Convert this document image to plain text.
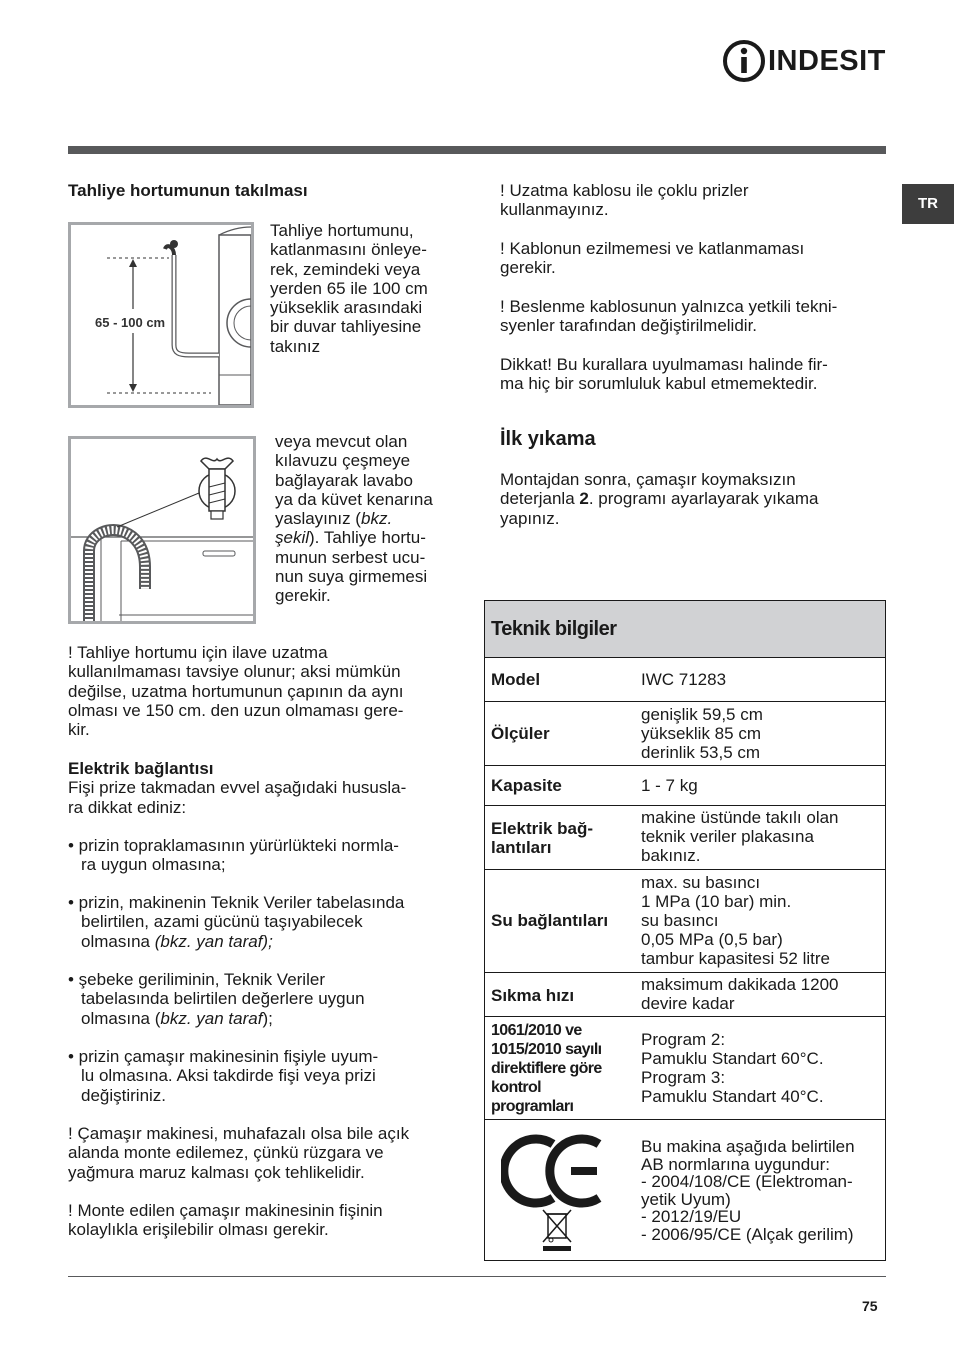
INDESIT
TR
Tahliye hortumunun takılması
65 - 100 cm
Tahliye hortumunu,
katlanmasını önleye-
rek, zemindeki veya
yerden 65 ile 100 cm
yükseklik arasındaki
bir duvar tahliyesine
takınız
veya mevcut olan
kılavuzu çeşmeye
bağlayarak lavabo
ya da küvet kenarına
yaslayınız (bkz.
şekil). Tahliye hortu-
munun serbest ucu-
nun suya girmemesi
gerekir.
! Tahliye hortumu için ilave uzatma
kullanılmaması tavsiye olunur; aksi mümkün
değilse, uzatma hortumunun çapının da aynı
olması ve 150 cm. den uzun olmaması gere-
kir.
Elektrik bağlantısı
Fişi prize takmadan evvel aşağıdaki hususla-
ra dikkat ediniz:
• prizin topraklamasının yürürlükteki normla-
ra uygun olmasına;
• prizin, makinenin Teknik Veriler tabelasında
belirtilen, azami gücünü taşıyabilecek
olmasına (bkz. yan taraf);
• şebeke geriliminin, Teknik Veriler
tabelasında belirtilen değerlere uygun
olmasına (bkz. yan taraf);
• prizin çamaşır makinesinin fişiyle uyum-
lu olmasına. Aksi takdirde fişi veya prizi
değiştiriniz.
! Çamaşır makinesi, muhafazalı olsa bile açık
alanda monte edilemez, çünkü rüzgara ve
yağmura maruz kalması çok tehlikelidir.
! Monte edilen çamaşır makinesinin fişinin
kolaylıkla erişilebilir olması gerekir.
! Uzatma kablosu ile çoklu prizler
kullanmayınız.
! Kablonun ezilmemesi ve katlanmaması
gerekir.
! Beslenme kablosunun yalnızca yetkili tekni-
syenler tarafından değiştirilmelidir.
Dikkat! Bu kurallara uyulmaması halinde fir-
ma hiç bir sorumluluk kabul etmemektedir.
İlk yıkama
Montajdan sonra, çamaşır koymaksızın
deterjanla 2. programı ayarlayarak yıkama
yapınız.
Teknik bilgiler
Model	IWC 71283
Ölçüler
genişlik 59,5 cm
yükseklik 85 cm
derinlik 53,5 cm
Kapasite	1 - 7 kg
Elektrik bağ-
lantıları
makine üstünde takılı olan
teknik veriler plakasına
bakınız.
Su bağlantıları
max. su basıncı
1 MPa (10 bar) min.
su basıncı
0,05 MPa (0,5 bar)
tambur kapasitesi 52 litre
Sıkma hızı
maksimum dakikada 1200
devire kadar
1061/2010 ve
1015/2010 sayılı
direktiflere göre
kontrol
programları
Program 2:
Pamuklu Standart 60°C.
Program 3:
Pamuklu Standart 40°C.
Bu makina aşağıda belirtilen
AB normlarına uygundur:
- 2004/108/CE (Elektroman-
yetik Uyum)
- 2012/19/EU
- 2006/95/CE (Alçak gerilim)
75
